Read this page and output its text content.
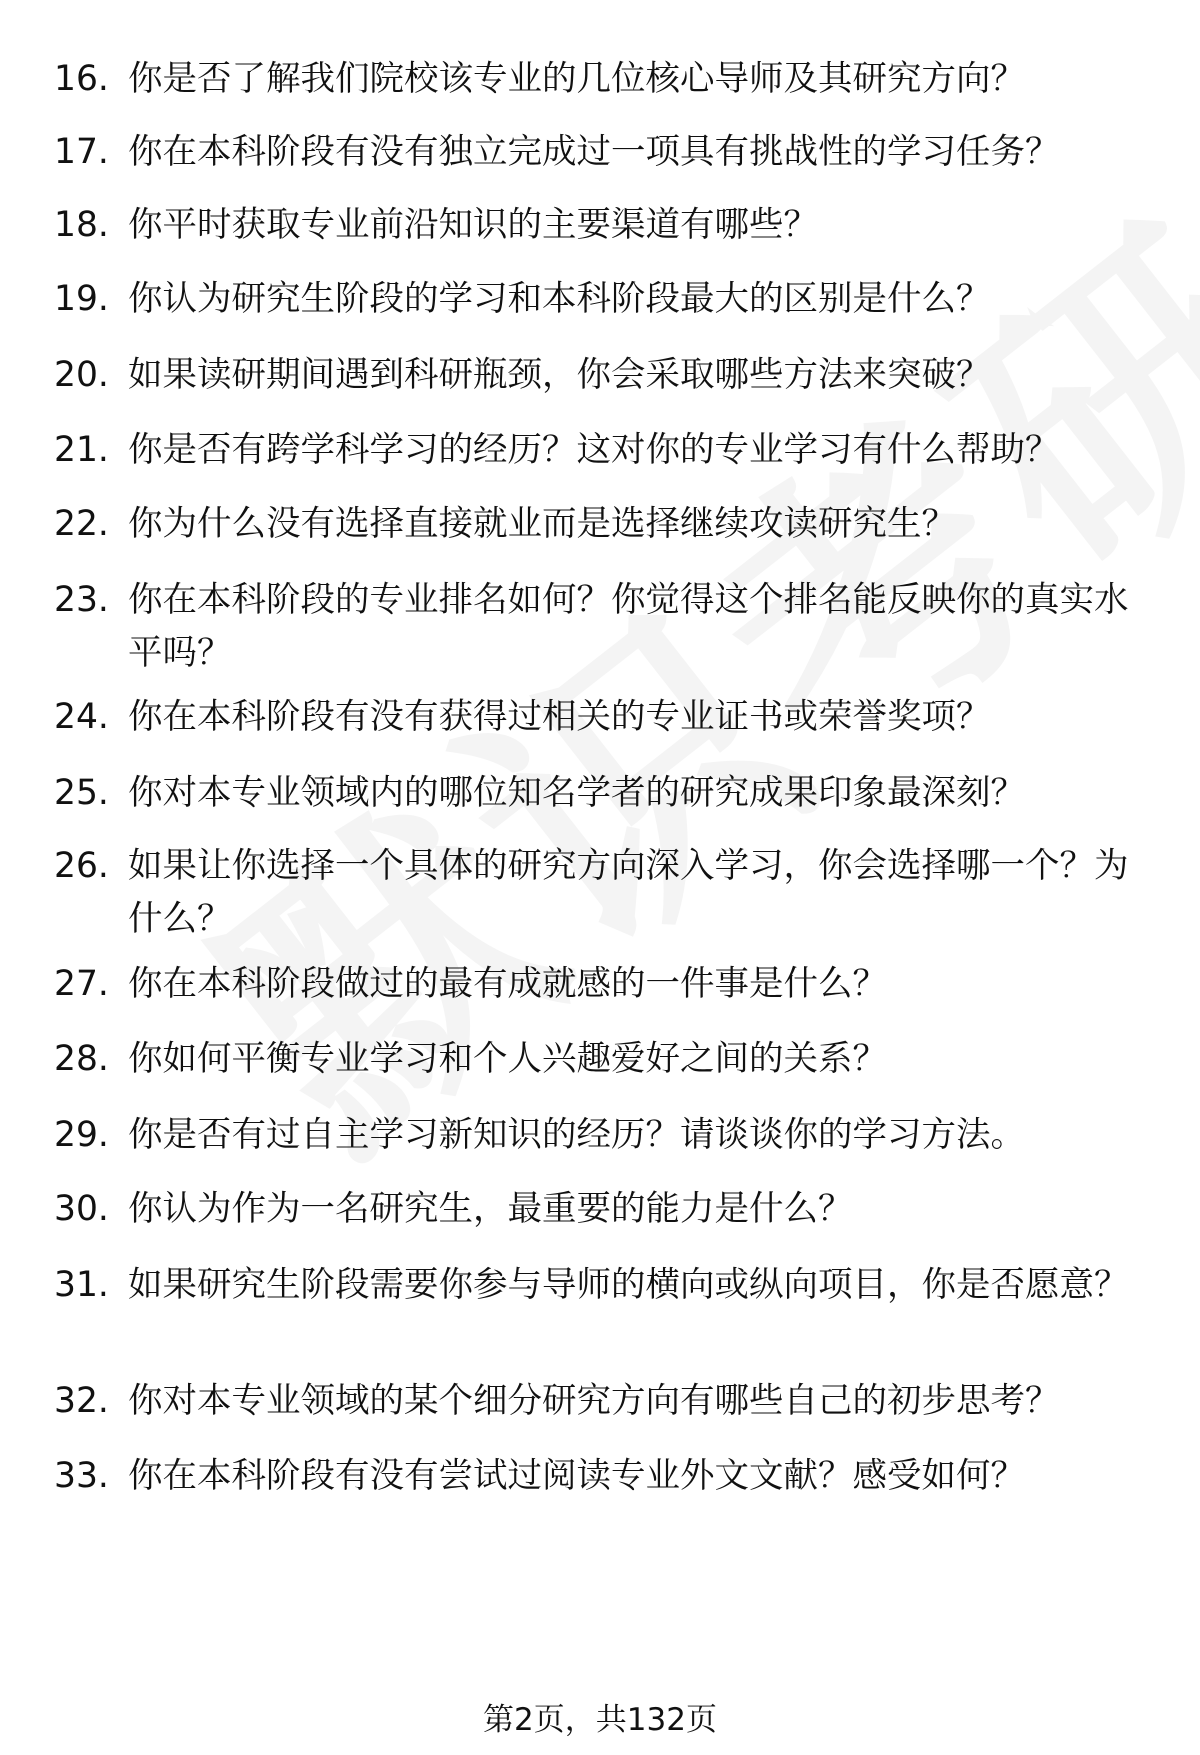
16. 你是否了解我们院校该专业的几位核心导师及其研究方向？
17. 你在本科阶段有没有独立完成过一项具有挑战性的学习任务？
18. 你平时获取专业前沿知识的主要渠道有哪些？
19. 你认为研究生阶段的学习和本科阶段最大的区别是什么？
20. 如果读研期间遇到科研瓶颈，你会采取哪些方法来突破？
21. 你是否有跨学科学习的经历？这对你的专业学习有什么帮助？
22. 你为什么没有选择直接就业而是选择继续攻读研究生？
23. 你在本科阶段的专业排名如何？你觉得这个排名能反映你的真实水平吗？
24. 你在本科阶段有没有获得过相关的专业证书或荣誉奖项？
25. 你对本专业领域内的哪位知名学者的研究成果印象最深刻？
26. 如果让你选择一个具体的研究方向深入学习，你会选择哪一个？为什么？
27. 你在本科阶段做过的最有成就感的一件事是什么？
28. 你如何平衡专业学习和个人兴趣爱好之间的关系？
29. 你是否有过自主学习新知识的经历？请谈谈你的学习方法。
30. 你认为作为一名研究生，最重要的能力是什么？
31. 如果研究生阶段需要你参与导师的横向或纵向项目，你是否愿意？
32. 你对本专业领域的某个细分研究方向有哪些自己的初步思考？
33. 你在本科阶段有没有尝试过阅读专业外文文献？感受如何？
第2页，共132页
